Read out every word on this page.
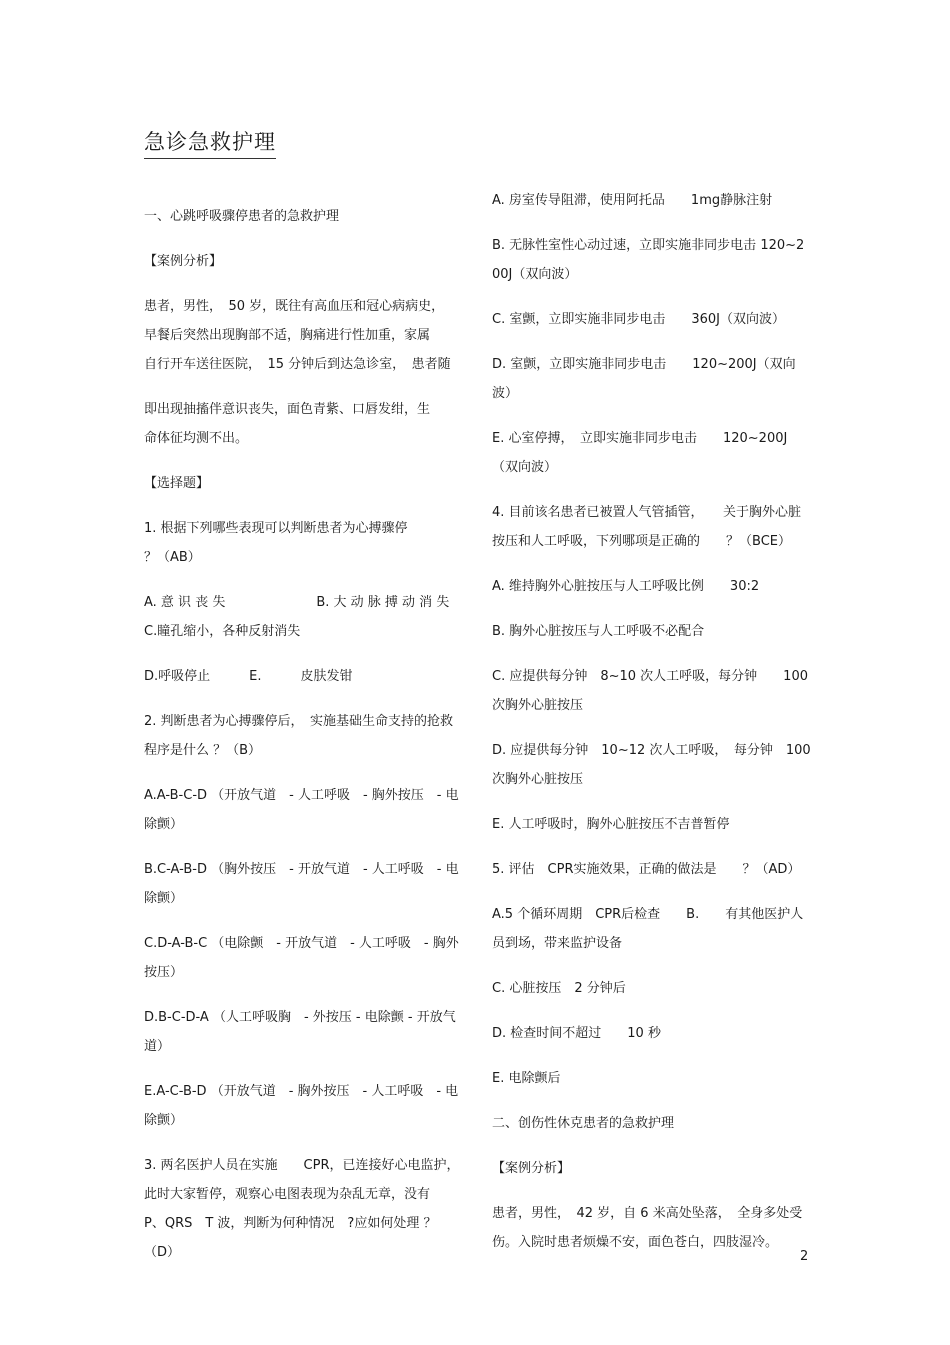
急诊急救护理

一、心跳呼吸骤停患者的急救护理

【案例分析】

患者，男性，　50 岁，既往有高血压和冠心病病史，

早餐后突然出现胸部不适，胸痛进行性加重，家属

自行开车送往医院，　15 分钟后到达急诊室，　患者随

即出现抽搐伴意识丧失，面色青紫、口唇发绀，生

命体征均测不出。

【选择题】

1. 根据下列哪些表现可以判断患者为心搏骤停　　　　？（AB）

A. 意 识 丧 失　　　　　　　B. 大 动 脉 搏 动 消 失

C.瞳孔缩小，各种反射消失

D.呼吸停止　　　E.　　　皮肤发钳

2. 判断患者为心搏骤停后，　实施基础生命支持的抢救程序是什么 ？（B）

A.A-B-C-D （开放气道　- 人工呼吸　- 胸外按压　- 电除颤）

B.C-A-B-D （胸外按压　- 开放气道　- 人工呼吸　- 电除颤）

C.D-A-B-C （电除颤　- 开放气道　- 人工呼吸　- 胸外按压）

D.B-C-D-A （人工呼吸胸　- 外按压 - 电除颤 - 开放气道）

E.A-C-B-D （开放气道　- 胸外按压　- 人工呼吸　- 电除颤）

3. 两名医护人员在实施　　CPR，已连接好心电监护，

此时大家暂停，观察心电图表现为杂乱无章，没有

P、QRS　T 波，判断为何种情况　?应如何处理 ？（D）

A. 房室传导阻滞，使用阿托品　　1mg静脉注射

B. 无脉性室性心动过速，立即实施非同步电击 120~200J（双向波）

C. 室颤，立即实施非同步电击　　360J（双向波）

D. 室颤，立即实施非同步电击　　120~200J（双向波）

E. 心室停搏，　立即实施非同步电击　　120~200J（双向波）

4. 目前该名患者已被置人气管插管，　　关于胸外心脏按压和人工呼吸，下列哪项是正确的　　？（BCE）

A. 维持胸外心脏按压与人工呼吸比例　　30:2

B. 胸外心脏按压与人工呼吸不必配合

C. 应提供每分钟　8~10 次人工呼吸，每分钟　　100 次胸外心脏按压

D. 应提供每分钟　10~12 次人工呼吸，　每分钟　100 次胸外心脏按压

E. 人工呼吸时，胸外心脏按压不吉普暂停

5. 评估　CPR实施效果，正确的做法是　　？（AD）

A.5 个循环周期　CPR后检查　　B.　　有其他医护人员到场，带来监护设备

C. 心脏按压　2 分钟后

D. 检查时间不超过　　10 秒

E. 电除颤后

二、创伤性休克患者的急救护理

【案例分析】

患者，男性，　42 岁，自 6 米高处坠落，　全身多处受

伤。入院时患者烦燥不安，面色苍白，四肢湿冷。

2
